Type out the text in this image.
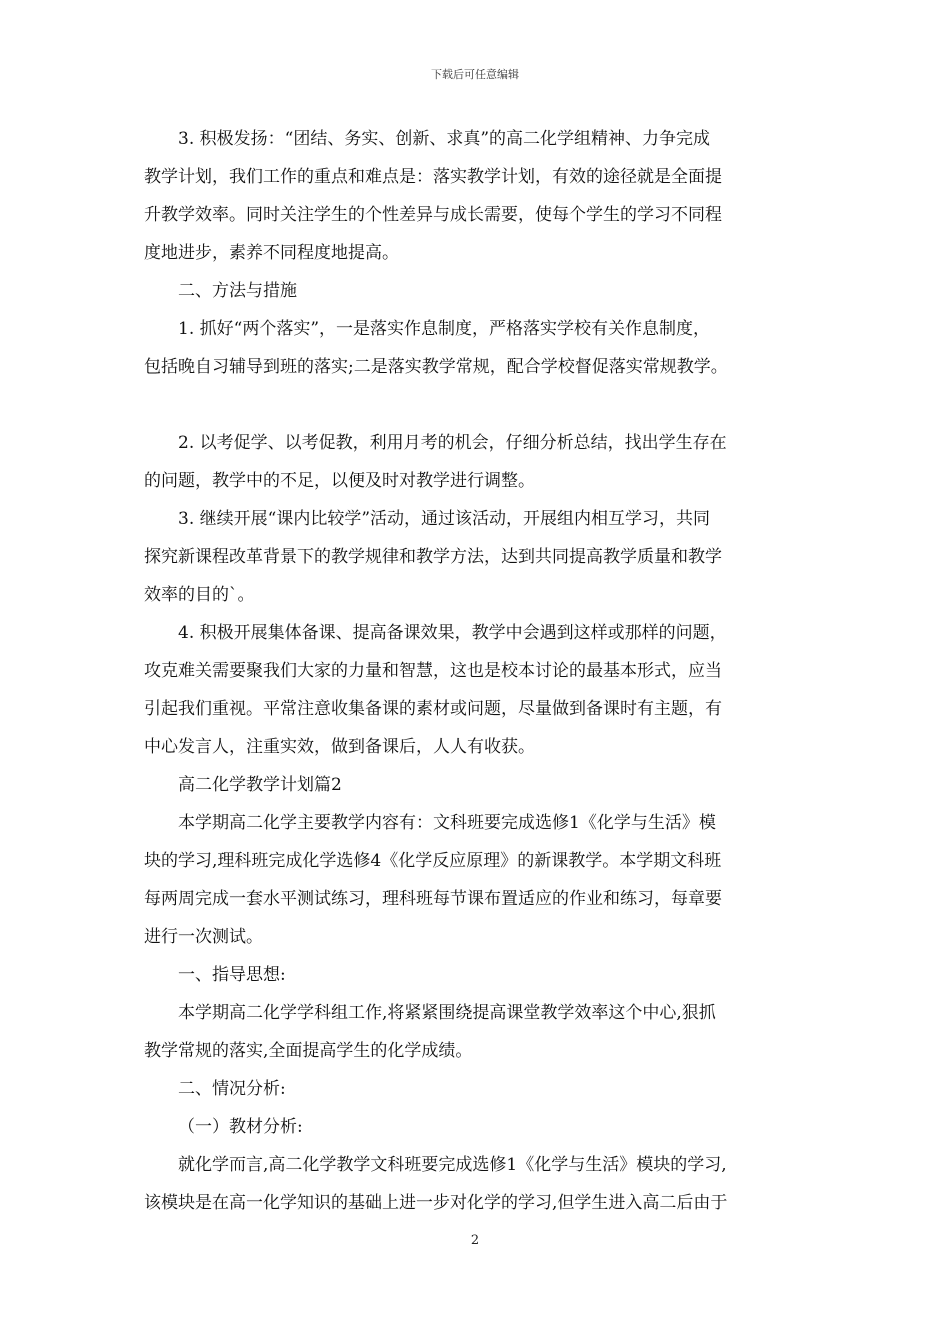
下载后可任意编辑
3. 积极发扬：“团结、务实、创新、求真”的高二化学组精神、力争完成
教学计划，我们工作的重点和难点是：落实教学计划，有效的途径就是全面提
升教学效率。同时关注学生的个性差异与成长需要，使每个学生的学习不同程
度地进步，素养不同程度地提高。
二、方法与措施
1. 抓好“两个落实”，一是落实作息制度，严格落实学校有关作息制度，
包括晚自习辅导到班的落实;二是落实教学常规，配合学校督促落实常规教学。
2. 以考促学、以考促教，利用月考的机会，仔细分析总结，找出学生存在
的问题，教学中的不足，以便及时对教学进行调整。
3. 继续开展“课内比较学”活动，通过该活动，开展组内相互学习，共同
探究新课程改革背景下的教学规律和教学方法，达到共同提高教学质量和教学
效率的目的`。
4. 积极开展集体备课、提高备课效果，教学中会遇到这样或那样的问题，
攻克难关需要聚我们大家的力量和智慧，这也是校本讨论的最基本形式，应当
引起我们重视。平常注意收集备课的素材或问题，尽量做到备课时有主题，有
中心发言人，注重实效，做到备课后，人人有收获。
高二化学教学计划篇2
本学期高二化学主要教学内容有：文科班要完成选修1《化学与生活》模
块的学习,理科班完成化学选修4《化学反应原理》的新课教学。本学期文科班
每两周完成一套水平测试练习，理科班每节课布置适应的作业和练习，每章要
进行一次测试。
一、指导思想:
本学期高二化学学科组工作,将紧紧围绕提高课堂教学效率这个中心,狠抓
教学常规的落实,全面提高学生的化学成绩。
二、情况分析:
（一）教材分析:
就化学而言,高二化学教学文科班要完成选修1《化学与生活》模块的学习,
该模块是在高一化学知识的基础上进一步对化学的学习,但学生进入高二后由于
2
